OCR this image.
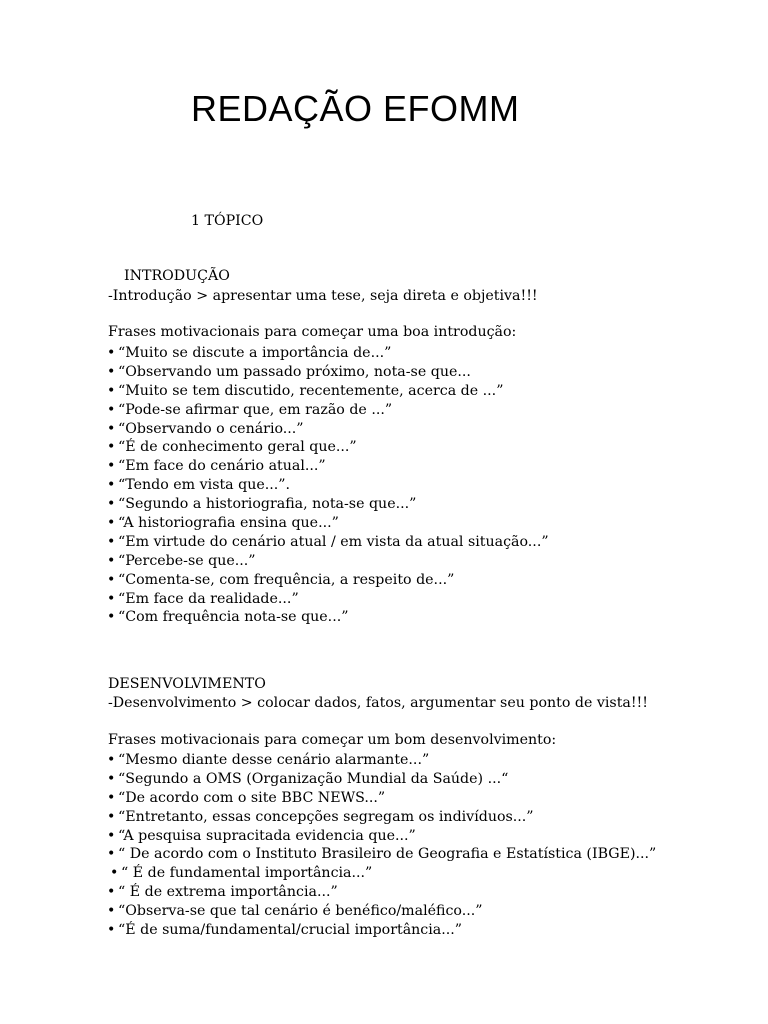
REDAÇÃO EFOMM

1 TÓPICO

INTRODUÇÃO

-Introdução > apresentar uma tese, seja direta e objetiva!!!

Frases motivacionais para começar uma boa introdução:

• “Muito se discute a importância de...”
• “Observando um passado próximo, nota-se que...
• “Muito se tem discutido, recentemente, acerca de ...”
• “Pode-se afirmar que, em razão de ...”
• “Observando o cenário...”
• “É de conhecimento geral que...”
• “Em face do cenário atual...”
• “Tendo em vista que...”.
• “Segundo a historiografia, nota-se que...”
• “A historiografia ensina que...”
• “Em virtude do cenário atual / em vista da atual situação...”
• “Percebe-se que...”
• “Comenta-se, com frequência, a respeito de...”
• “Em face da realidade...”
• “Com frequência nota-se que...”

DESENVOLVIMENTO

-Desenvolvimento > colocar dados, fatos, argumentar seu ponto de vista!!!

Frases motivacionais para começar um bom desenvolvimento:

• “Mesmo diante desse cenário alarmante...”
• “Segundo a OMS (Organização Mundial da Saúde) ...“
• “De acordo com o site BBC NEWS...”
• “Entretanto, essas concepções segregam os indivíduos...”
• “A pesquisa supracitada evidencia que...”
• “ De acordo com o Instituto Brasileiro de Geografia e Estatística (IBGE)...”
• “ É de fundamental importância...”
• “ É de extrema importância...”
• “Observa-se que tal cenário é benéfico/maléfico...”
• “É de suma/fundamental/crucial importância...”
